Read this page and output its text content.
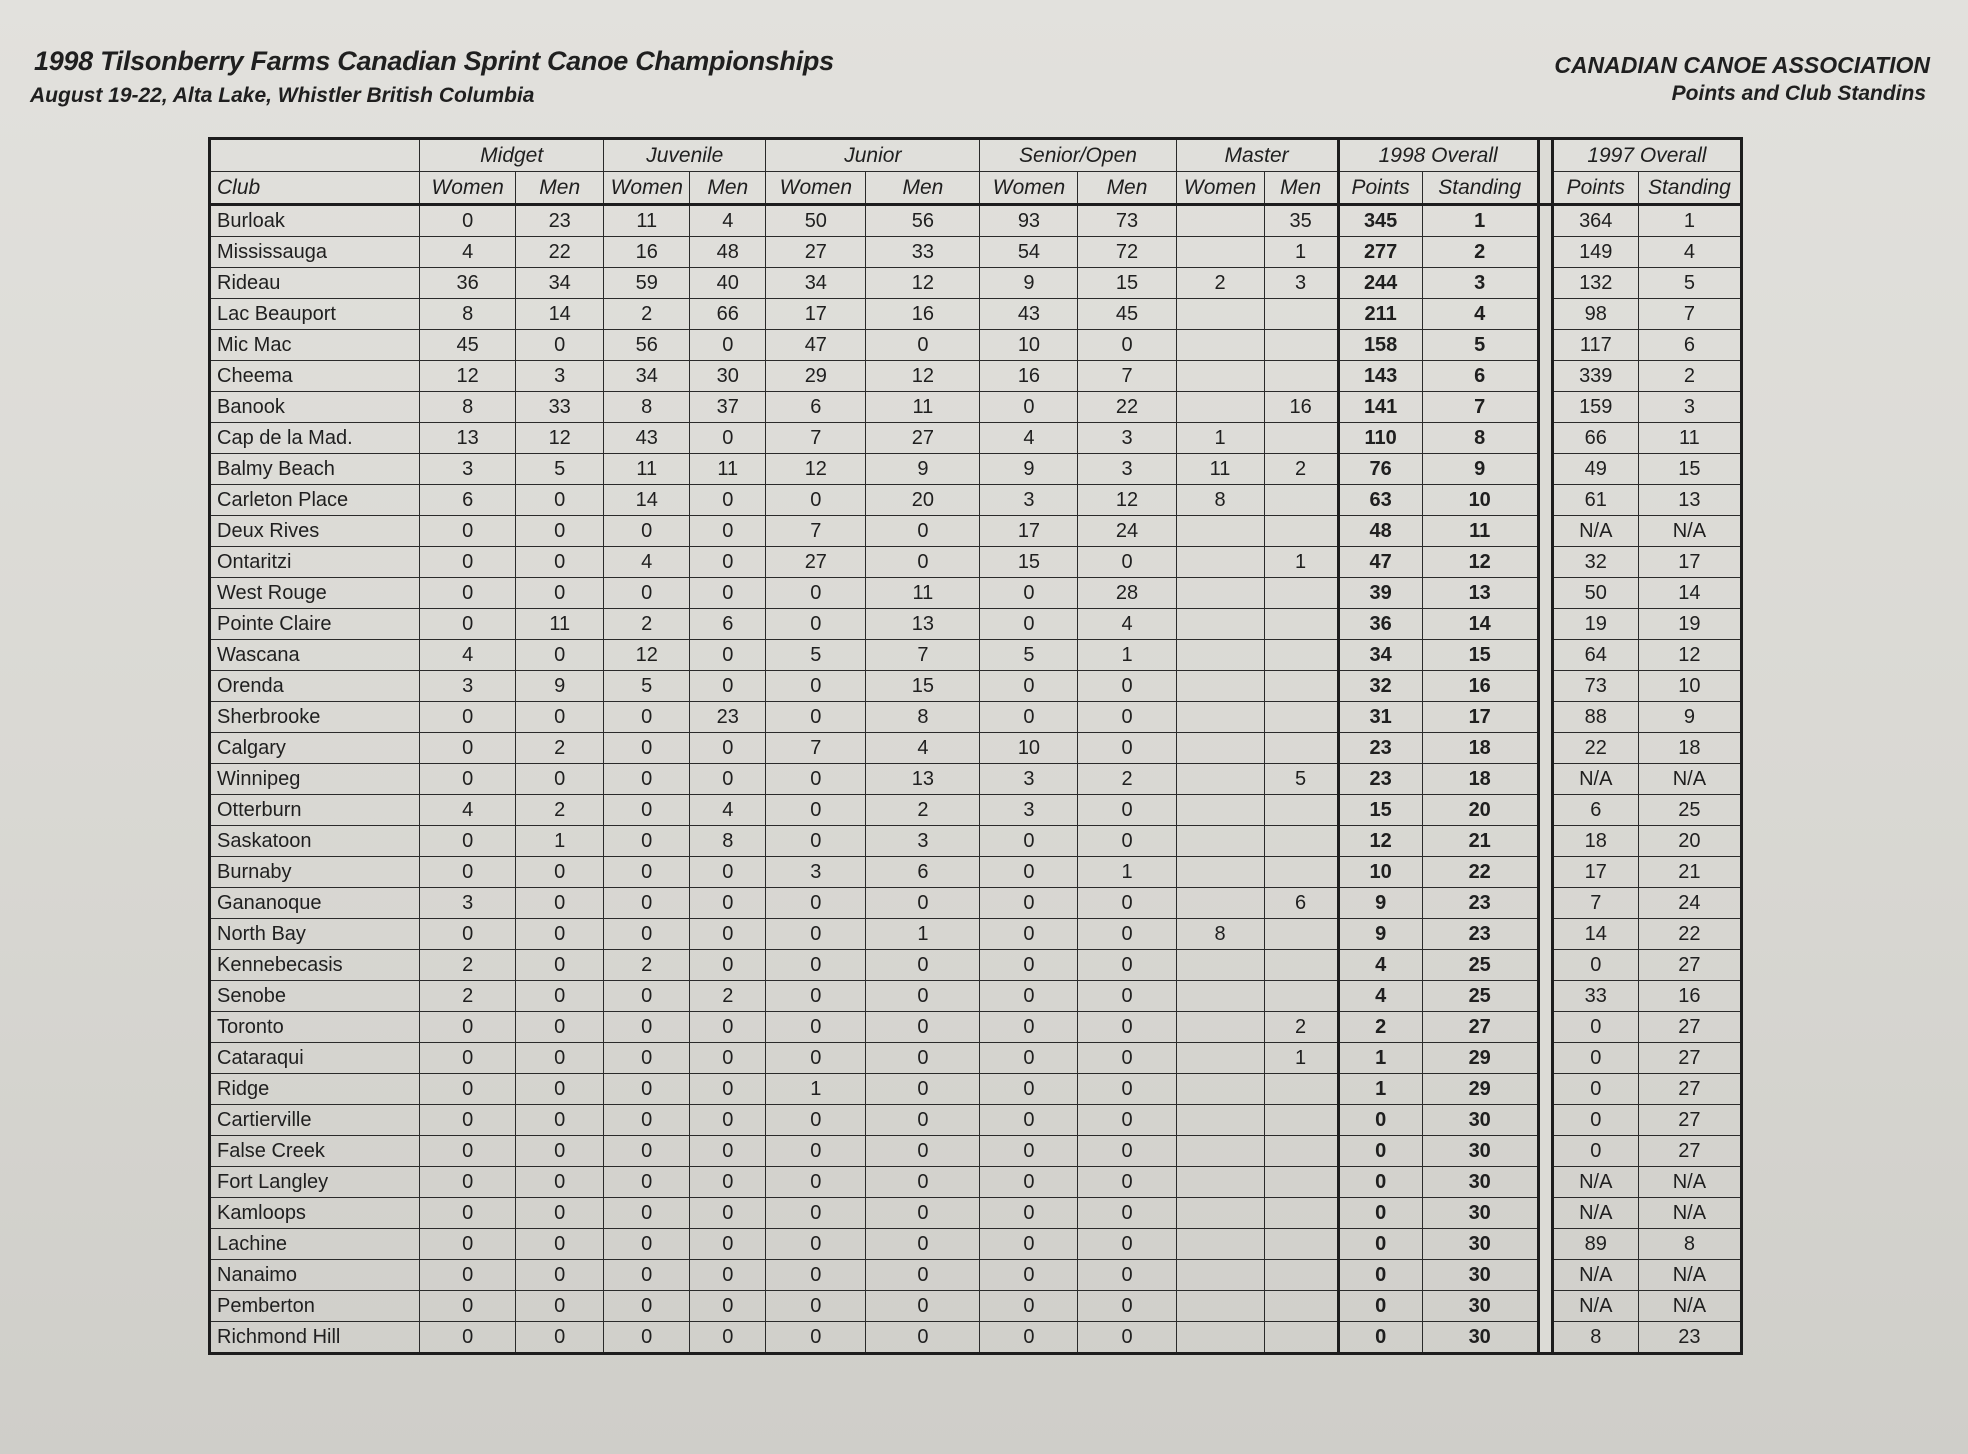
1998 Tilsonberry Farms Canadian Sprint Canoe Championships
August 19-22, Alta Lake, Whistler British Columbia
CANADIAN CANOE ASSOCIATION
Points and Club Standins
	Midget		Juvenile		Junior		Senior/Open		Master		1998 Overall			1997 Overall	
Club	Women	Men	Women	Men	Women	Men	Women	Men	Women	Men	Points	Standing		Points	Standing
Burloak	0	23	11	4	50	56	93	73		35	345	1		364	1
Mississauga	4	22	16	48	27	33	54	72		1	277	2		149	4
Rideau	36	34	59	40	34	12	9	15	2	3	244	3		132	5
Lac Beauport	8	14	2	66	17	16	43	45			211	4		98	7
Mic Mac	45	0	56	0	47	0	10	0			158	5		117	6
Cheema	12	3	34	30	29	12	16	7			143	6		339	2
Banook	8	33	8	37	6	11	0	22		16	141	7		159	3
Cap de la Mad.	13	12	43	0	7	27	4	3	1		110	8		66	11
Balmy Beach	3	5	11	11	12	9	9	3	11	2	76	9		49	15
Carleton Place	6	0	14	0	0	20	3	12	8		63	10		61	13
Deux Rives	0	0	0	0	7	0	17	24			48	11		N/A	N/A
Ontaritzi	0	0	4	0	27	0	15	0		1	47	12		32	17
West Rouge	0	0	0	0	0	11	0	28			39	13		50	14
Pointe Claire	0	11	2	6	0	13	0	4			36	14		19	19
Wascana	4	0	12	0	5	7	5	1			34	15		64	12
Orenda	3	9	5	0	0	15	0	0			32	16		73	10
Sherbrooke	0	0	0	23	0	8	0	0			31	17		88	9
Calgary	0	2	0	0	7	4	10	0			23	18		22	18
Winnipeg	0	0	0	0	0	13	3	2		5	23	18		N/A	N/A
Otterburn	4	2	0	4	0	2	3	0			15	20		6	25
Saskatoon	0	1	0	8	0	3	0	0			12	21		18	20
Burnaby	0	0	0	0	3	6	0	1			10	22		17	21
Gananoque	3	0	0	0	0	0	0	0		6	9	23		7	24
North Bay	0	0	0	0	0	1	0	0	8		9	23		14	22
Kennebecasis	2	0	2	0	0	0	0	0			4	25		0	27
Senobe	2	0	0	2	0	0	0	0			4	25		33	16
Toronto	0	0	0	0	0	0	0	0		2	2	27		0	27
Cataraqui	0	0	0	0	0	0	0	0		1	1	29		0	27
Ridge	0	0	0	0	1	0	0	0			1	29		0	27
Cartierville	0	0	0	0	0	0	0	0			0	30		0	27
False Creek	0	0	0	0	0	0	0	0			0	30		0	27
Fort Langley	0	0	0	0	0	0	0	0			0	30		N/A	N/A
Kamloops	0	0	0	0	0	0	0	0			0	30		N/A	N/A
Lachine	0	0	0	0	0	0	0	0			0	30		89	8
Nanaimo	0	0	0	0	0	0	0	0			0	30		N/A	N/A
Pemberton	0	0	0	0	0	0	0	0			0	30		N/A	N/A
Richmond Hill	0	0	0	0	0	0	0	0			0	30		8	23
